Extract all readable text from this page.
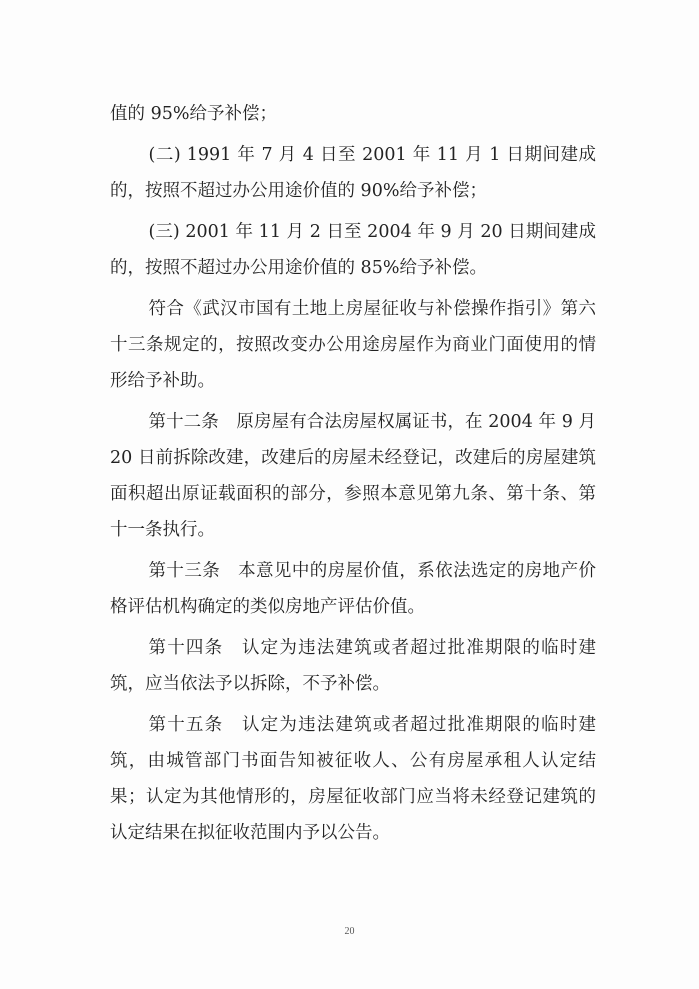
值的 95%给予补偿；

(二) 1991 年 7 月 4 日至 2001 年 11 月 1 日期间建成的，按照不超过办公用途价值的 90%给予补偿；

(三) 2001 年 11 月 2 日至 2004 年 9 月 20 日期间建成的，按照不超过办公用途价值的 85%给予补偿。

符合《武汉市国有土地上房屋征收与补偿操作指引》第六十三条规定的，按照改变办公用途房屋作为商业门面使用的情形给予补助。

第十二条　原房屋有合法房屋权属证书，在 2004 年 9 月 20 日前拆除改建，改建后的房屋未经登记，改建后的房屋建筑面积超出原证载面积的部分，参照本意见第九条、第十条、第十一条执行。

第十三条　本意见中的房屋价值，系依法选定的房地产价格评估机构确定的类似房地产评估价值。

第十四条　认定为违法建筑或者超过批准期限的临时建筑，应当依法予以拆除，不予补偿。

第十五条　认定为违法建筑或者超过批准期限的临时建筑，由城管部门书面告知被征收人、公有房屋承租人认定结果；认定为其他情形的，房屋征收部门应当将未经登记建筑的认定结果在拟征收范围内予以公告。

20
